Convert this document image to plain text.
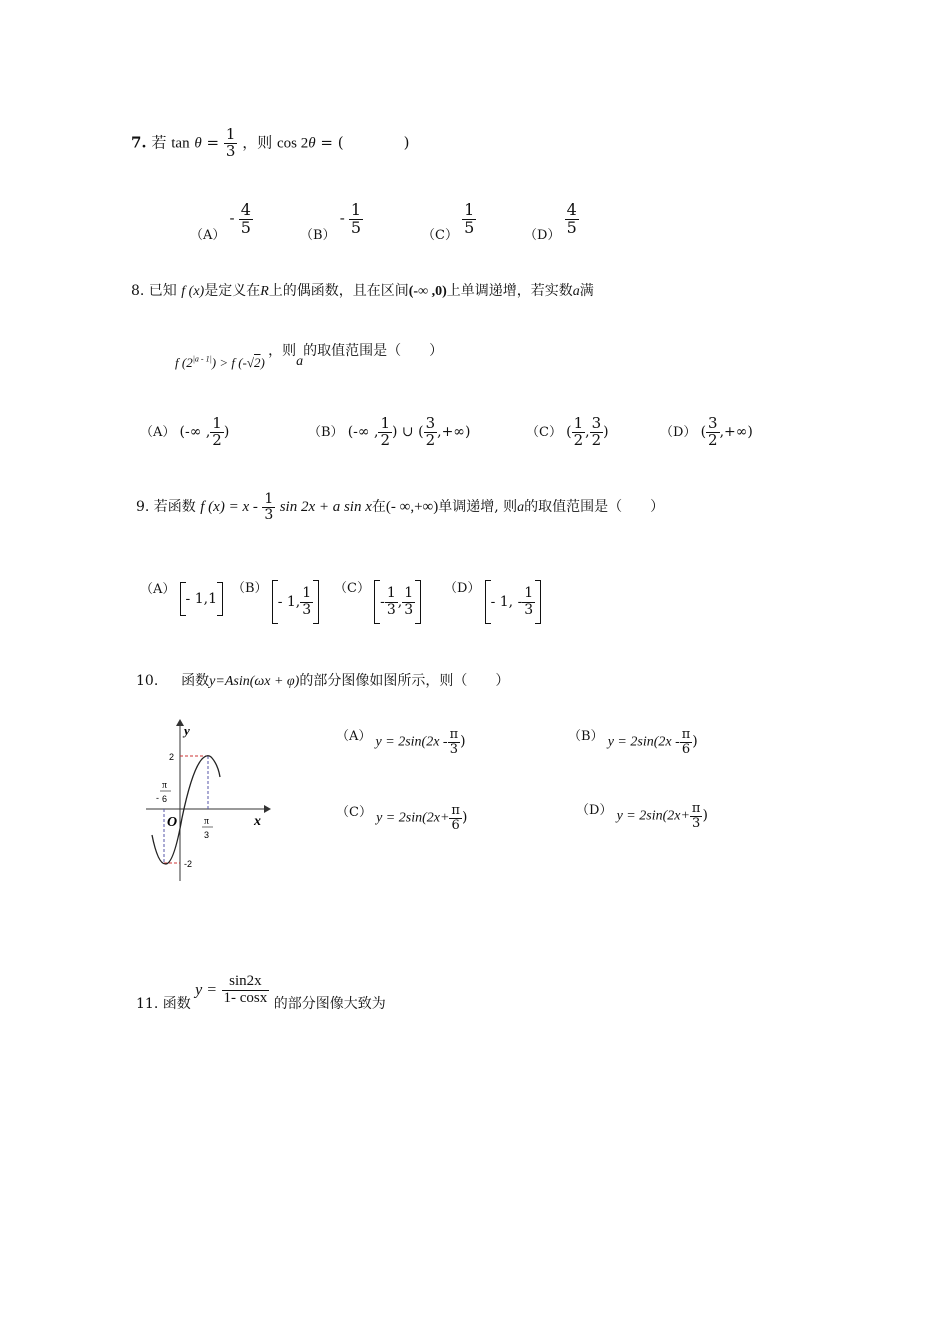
7. 若 $\tan \theta = \frac{1}{3}$ ，则 cos 2θ = (　　　　)
$(A) - \frac{4}{5}$	$(B) - \frac{1}{5}$	$(C) \frac{1}{5}$	$(D) \frac{4}{5}$
8. 已知 f (x)是定义在R上的偶函数，且在区间(-∞ ,0)上单调递增，若实数a满
f $(2^{|a - 1|}) > f$ (-√2) ，则a的取值范围是（　　）
（A） (-∞ , $\frac{1}{2}$ )	（B） (-∞ , $\frac{1}{2}$ ) ∪ ( $\frac{3}{2}$ ,+∞)	（C） ( $\frac{1}{2}$ , $\frac{3}{2}$ )	（D） ( $\frac{3}{2}$ ,+∞)
9. 若函数 f $(x) = x - \frac{1}{3}$ sin 2x + a sin x在(- ∞,+∞)单调递增, 则a的取值范围是（　　）
（A） - 1,1
（B） - 1, $\frac{1}{3} (C) - \frac{1}{3}$ , $\frac{1}{3} (D) - 1$, - $\frac{1}{3}$
10. 函数y=Asin(ωx + φ)的部分图像如图所示，则（　　）
y
x
O
2
-2
-
π
6
π
3
（A） $y = 2\sin(2x - \frac{\pi}{3}$ )	（B） $y = 2\sin(2x - \frac{\pi}{6}$ )
（C） $y = 2\sin(2x+ \frac{\pi}{6}$ )	（D） $y = 2\sin(2x+ \frac{\pi}{3}$ )
11. 函数 $y = \frac{\sin 2x}{1- \cos x}$ 的部分图像大致为
